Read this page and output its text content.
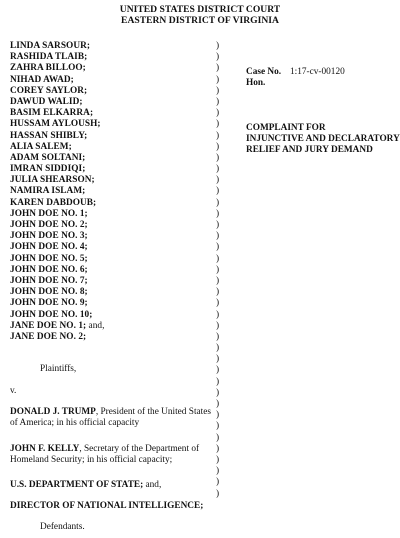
UNITED STATES DISTRICT COURT
EASTERN DISTRICT OF VIRGINIA
LINDA SARSOUR;
RASHIDA TLAIB;
ZAHRA BILLOO;
NIHAD AWAD;
COREY SAYLOR;
DAWUD WALID;
BASIM ELKARRA;
HUSSAM AYLOUSH;
HASSAN SHIBLY;
ALIA SALEM;
ADAM SOLTANI;
IMRAN SIDDIQI;
JULIA SHEARSON;
NAMIRA ISLAM;
KAREN DABDOUB;
JOHN DOE NO. 1;
JOHN DOE NO. 2;
JOHN DOE NO. 3;
JOHN DOE NO. 4;
JOHN DOE NO. 5;
JOHN DOE NO. 6;
JOHN DOE NO. 7;
JOHN DOE NO. 8;
JOHN DOE NO. 9;
JOHN DOE NO. 10;
JANE DOE NO. 1; and,
JANE DOE NO. 2;
)
)
)
)
)
)
)
)
)
)
)
)
)
)
)
)
)
)
)
)
)
)
)
)
)
)
)
)
)
)
)
)
)
)
)
)
)
)
)
)
)
Case No. 1:17-cv-00120
Hon.
COMPLAINT FOR
INJUNCTIVE AND DECLARATORY
RELIEF AND JURY DEMAND
Plaintiffs,
v.
DONALD J. TRUMP, President of the United States of America; in his official capacity
JOHN F. KELLY, Secretary of the Department of Homeland Security; in his official capacity;
U.S. DEPARTMENT OF STATE; and,
DIRECTOR OF NATIONAL INTELLIGENCE;
Defendants.
